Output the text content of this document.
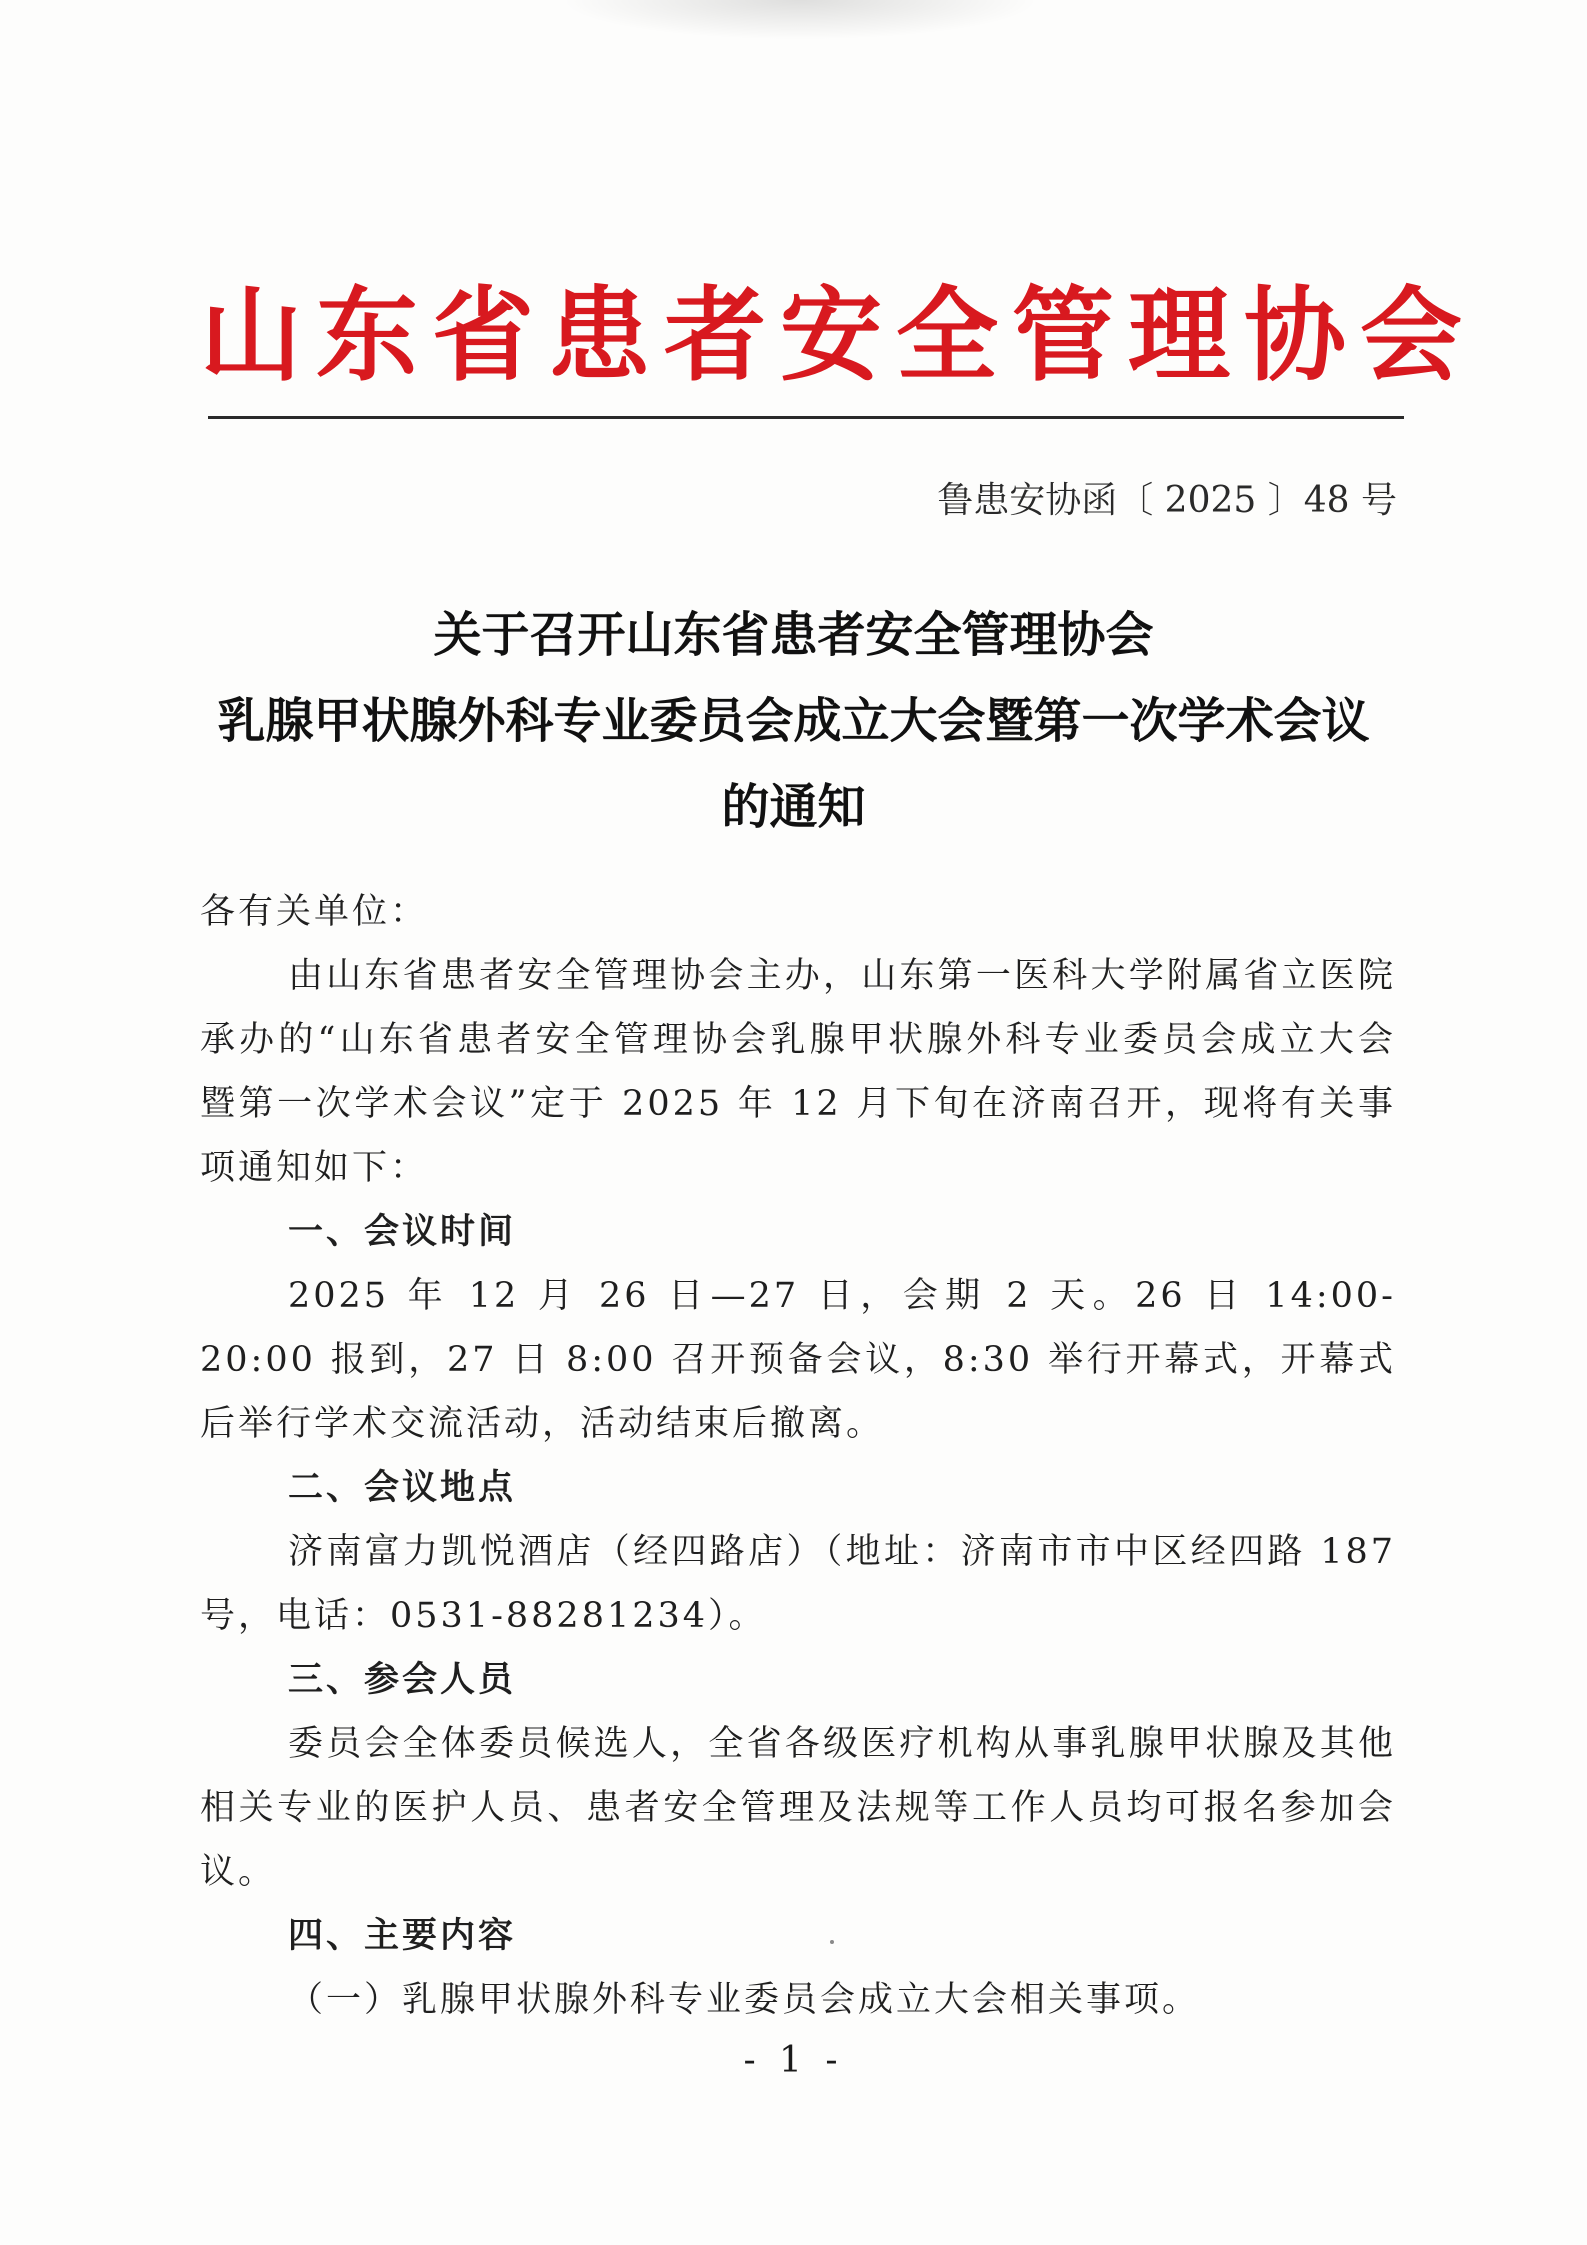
山东省患者安全管理协会
鲁患安协函〔 2025 〕48 号
关于召开山东省患者安全管理协会
乳腺甲状腺外科专业委员会成立大会暨第一次学术会议
的通知

各有关单位：

由山东省患者安全管理协会主办，山东第一医科大学附属省立医院承办的“山东省患者安全管理协会乳腺甲状腺外科专业委员会成立大会暨第一次学术会议”定于 2025 年 12 月下旬在济南召开，现将有关事项通知如下：

一、会议时间

2025 年 12 月 26 日—27 日，会期 2 天。26 日 14:00-20:00 报到，27 日 8:00 召开预备会议，8:30 举行开幕式，开幕式后举行学术交流活动，活动结束后撤离。

二、会议地点

济南富力凯悦酒店（经四路店）（地址：济南市市中区经四路 187 号，电话：0531-88281234）。

三、参会人员

委员会全体委员候选人，全省各级医疗机构从事乳腺甲状腺及其他相关专业的医护人员、患者安全管理及法规等工作人员均可报名参加会议。

四、主要内容

（一）乳腺甲状腺外科专业委员会成立大会相关事项。

- 1 -
